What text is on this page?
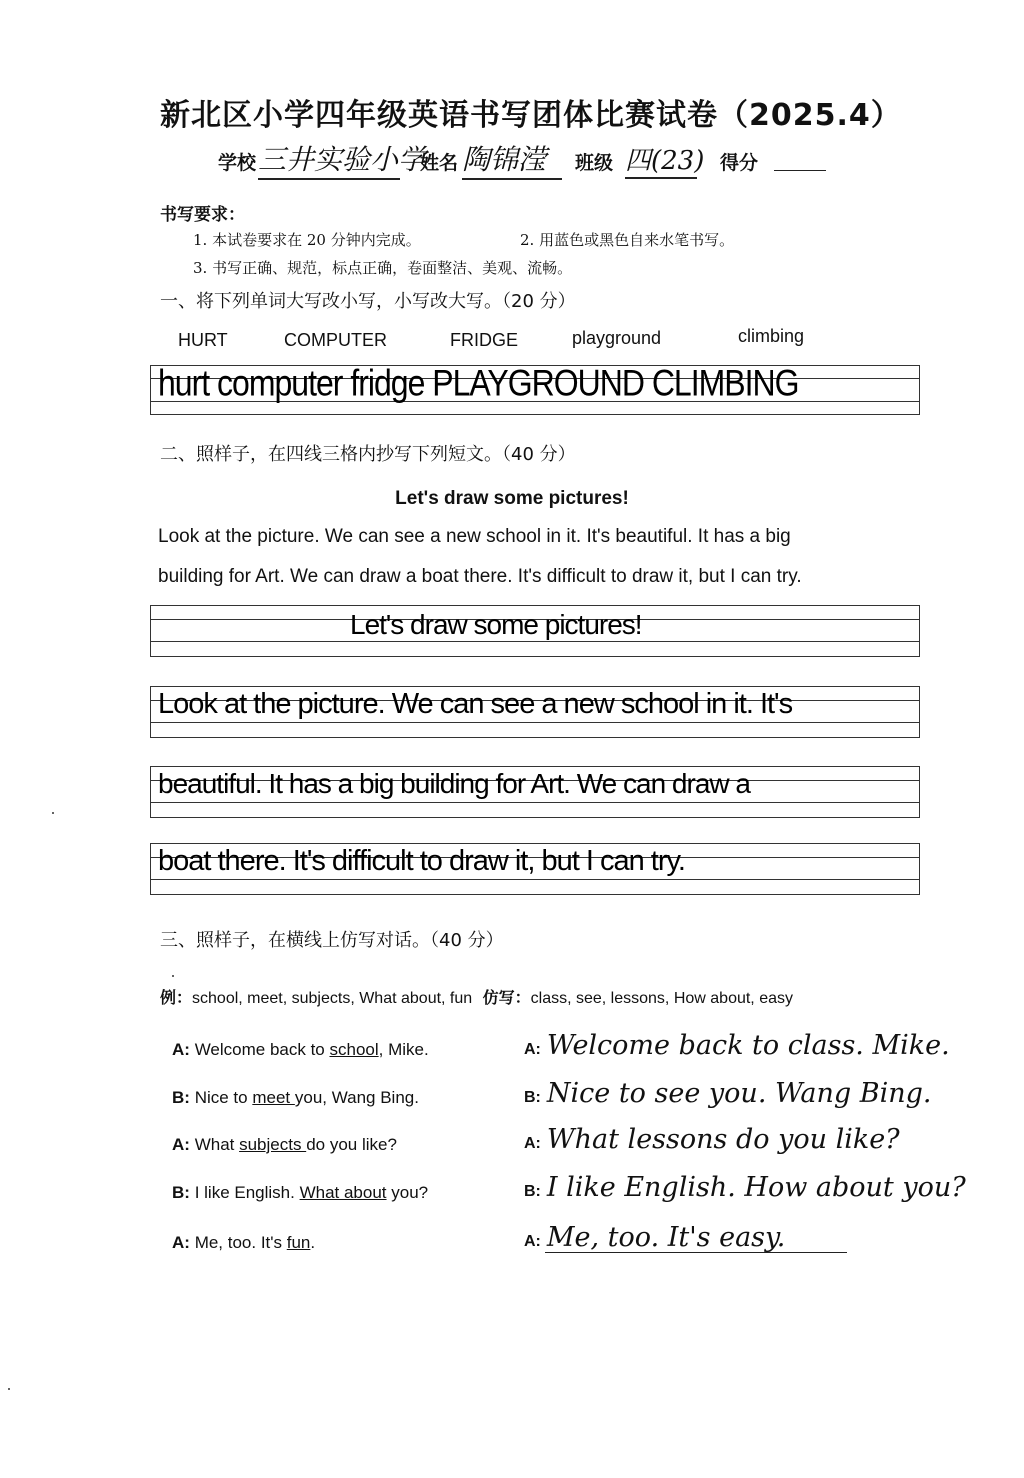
新北区小学四年级英语书写团体比赛试卷（2025.4）
学校 三井实验小学
姓名 陶锦滢	班级 四(23) 得分
书写要求：
1. 本试卷要求在 20 分钟内完成。	2. 用蓝色或黑色自来水笔书写。
3. 书写正确、规范，标点正确，卷面整洁、美观、流畅。
一、将下列单词大写改小写，小写改大写。（20 分）
HURT	COMPUTER	FRIDGE	playground	climbing
hurt computer fridge PLAYGROUND CLIMBING
二、照样子，在四线三格内抄写下列短文。（40 分）
Let's draw some pictures!
Look at the picture. We can see a new school in it. It's beautiful. It has a big
building for Art. We can draw a boat there. It's difficult to draw it, but I can try.
Let's draw some pictures!
Look at the picture. We can see a new school in it. It's
beautiful. It has a big building for Art. We can draw a
boat there. It's difficult to draw it, but I can try.
三、照样子，在横线上仿写对话。（40 分）
例：school, meet, subjects, What about, fun 仿写：class, see, lessons, How about, easy
A: Welcome back to school, Mike.
B: Nice to meet you, Wang Bing.
A: What subjects do you like?
B: I like English. What about you?
A: Me, too. It's fun.
A: Welcome back to class. Mike.
B: Nice to see you. Wang Bing.
A: What lessons do you like?
B: I like English. How about you?
A: Me, too. It's easy.
